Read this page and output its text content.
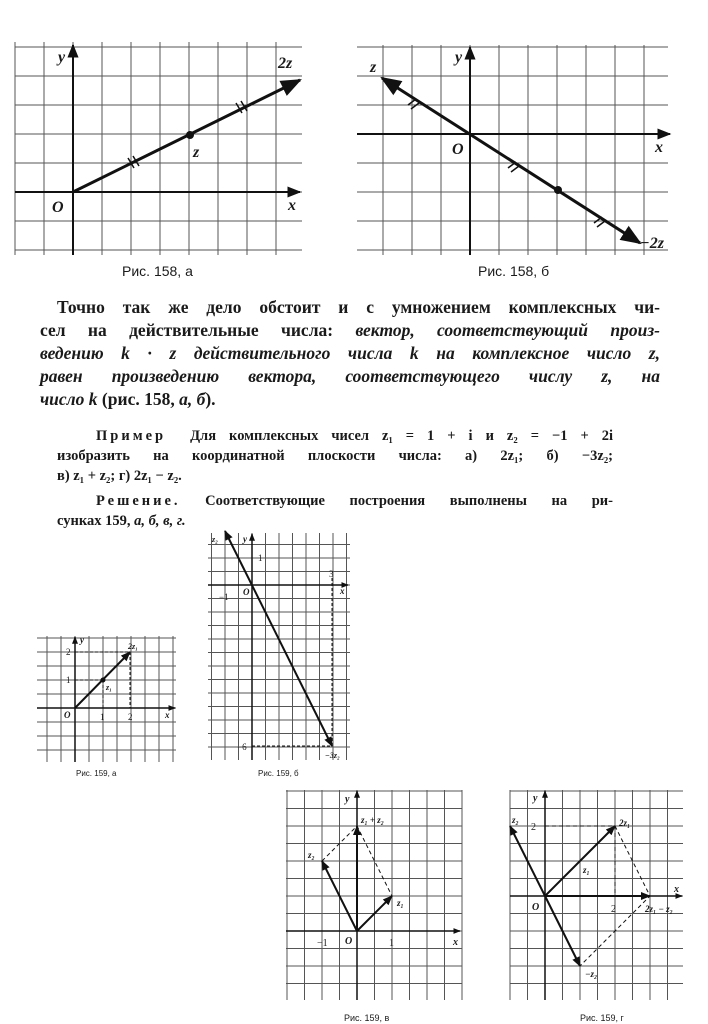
y
x
O
z
2z
Рис. 158, а
y
x
O
z
−2z
Рис. 158, б
y
x
O
z₁
2z₁
1	2
1
2
Рис. 159, а
z₂	y
x
O
1
−1
3
−6
−3z₂
Рис. 159, б
y
x
O
z₁
z₂
z₁ + z₂
−1	1
Рис. 159, в
y
x
O
z₁
z₂	2z₁
−z₂
2z₁ − z₂
2
2
Рис. 159, г
Точно так же дело обстоит и с умножением комплексных чи-
сел на действительные числа: вектор, соответствующий произ-
ведению k · z действительного числа k на комплексное число z,
равен произведению вектора, соответствующего числу z, на
число k (рис. 158, а, б).
Пример Для комплексных чисел z₁ = 1 + i и z₂ = −1 + 2i
изобразить на координатной плоскости числа: а) 2z₁; б) −3z₂;
в) z₁ + z₂; г) 2z₁ − z₂.
Решение. Соответствующие построения выполнены на ри-
сунках 159, а, б, в, г.
